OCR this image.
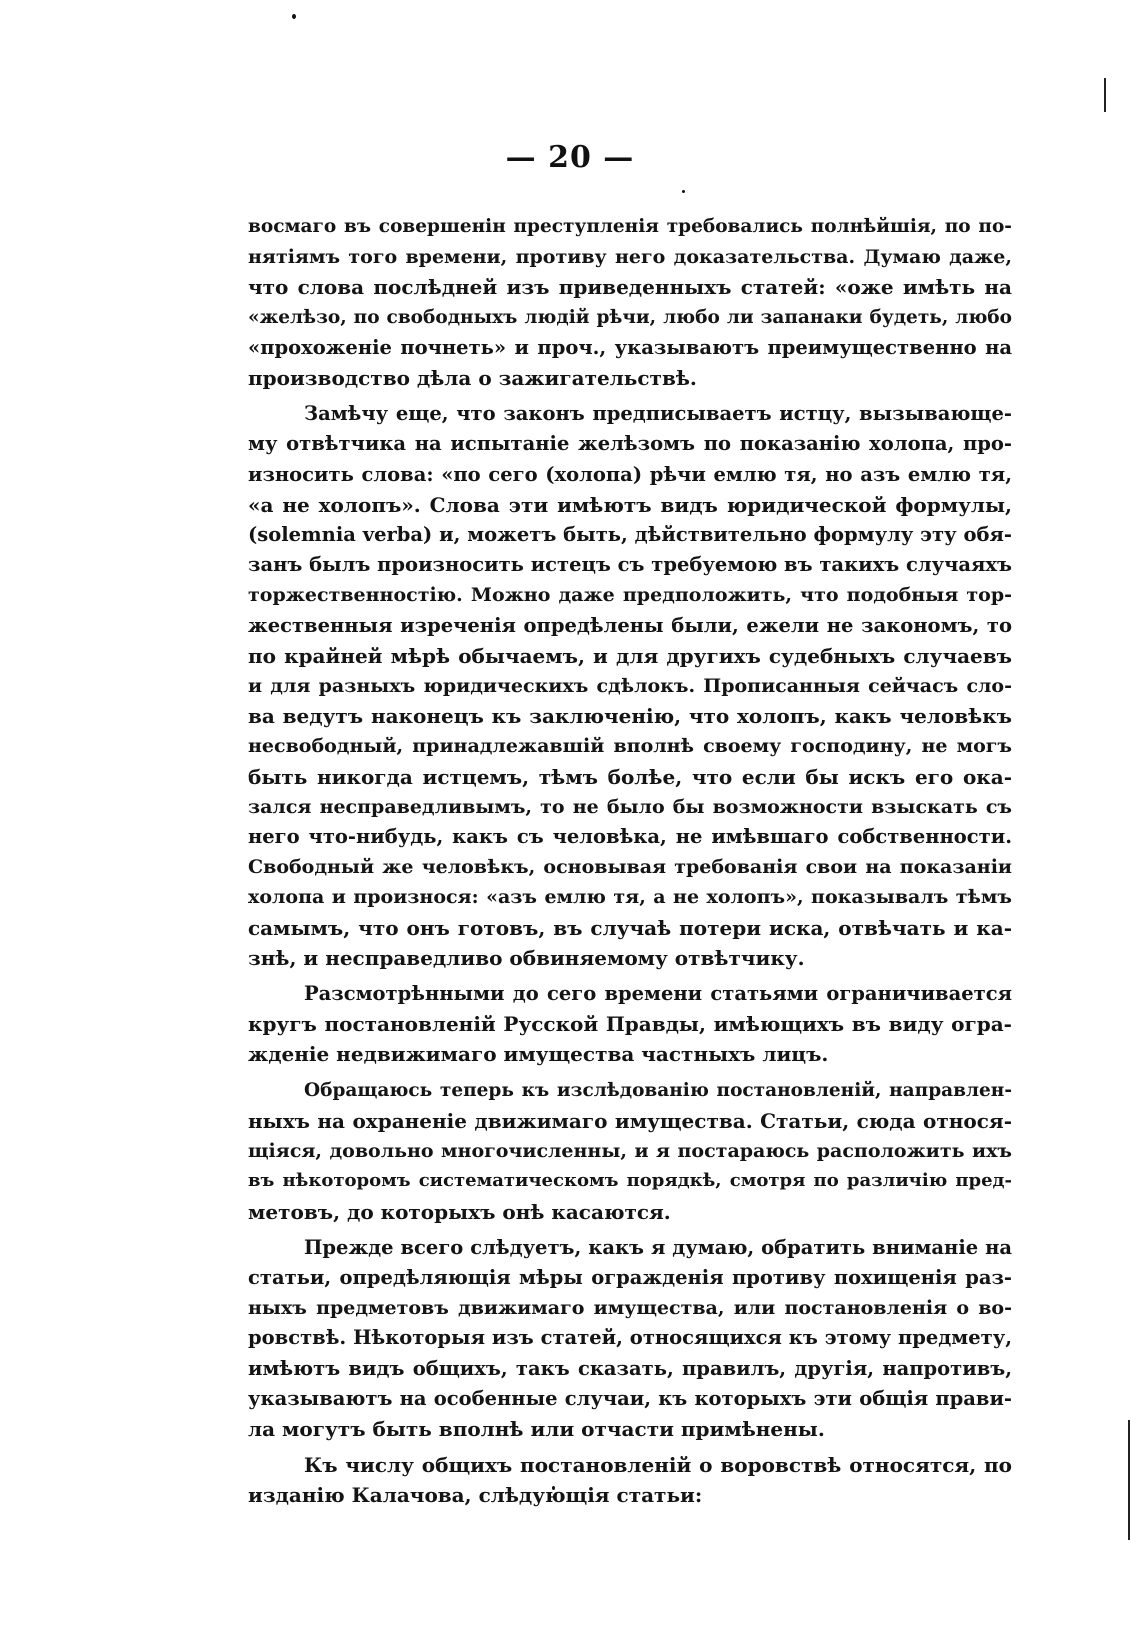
— 20 —
восмаго въ совершенін преступленія требовались полнѣйшія, по по-
нятіямъ того времени, противу него доказательства. Думаю даже,
что слова послѣдней изъ приведенныхъ статей: «оже имѣть на
«желѣзо, по свободныхъ людій рѣчи, любо ли запанаки будеть, любо
«прохоженіе почнеть» и проч., указываютъ преимущественно на
производство дѣла о зажигательствѣ.
Замѣчу еще, что законъ предписываетъ истцу, вызывающе-
му отвѣтчика на испытаніе желѣзомъ по показанію холопа, про-
износить слова: «по сего (холопа) рѣчи емлю тя, но азъ емлю тя,
«а не холопъ». Слова эти имѣютъ видъ юридической формулы,
(solemnia verba) и, можетъ быть, дѣйствительно формулу эту обя-
занъ былъ произносить истецъ съ требуемою въ такихъ случаяхъ
торжественностію. Можно даже предположить, что подобныя тор-
жественныя изреченія опредѣлены были, ежели не закономъ, то
по крайней мѣрѣ обычаемъ, и для другихъ судебныхъ случаевъ
и для разныхъ юридическихъ сдѣлокъ. Прописанныя сейчасъ сло-
ва ведутъ наконецъ къ заключенію, что холопъ, какъ человѣкъ
несвободный, принадлежавшій вполнѣ своему господину, не могъ
быть никогда истцемъ, тѣмъ болѣе, что если бы искъ его ока-
зался несправедливымъ, то не было бы возможности взыскать съ
него что-нибудь, какъ съ человѣка, не имѣвшаго собственности.
Свободный же человѣкъ, основывая требованія свои на показаніи
холопа и произнося: «азъ емлю тя, а не холопъ», показывалъ тѣмъ
самымъ, что онъ готовъ, въ случаѣ потери иска, отвѣчать и ка-
знѣ, и несправедливо обвиняемому отвѣтчику.
Разсмотрѣнными до сего времени статьями ограничивается
кругъ постановленій Русской Правды, имѣющихъ въ виду огра-
жденіе недвижимаго имущества частныхъ лицъ.
Обращаюсь теперь къ изслѣдованію постановленій, направлен-
ныхъ на охраненіе движимаго имущества. Статьи, сюда относя-
щіяся, довольно многочисленны, и я постараюсь расположить ихъ
въ нѣкоторомъ систематическомъ порядкѣ, смотря по различію пред-
метовъ, до которыхъ онѣ касаются.
Прежде всего слѣдуетъ, какъ я думаю, обратить вниманіе на
статьи, опредѣляющія мѣры огражденія противу похищенія раз-
ныхъ предметовъ движимаго имущества, или постановленія о во-
ровствѣ. Нѣкоторыя изъ статей, относящихся къ этому предмету,
имѣютъ видъ общихъ, такъ сказать, правилъ, другія, напротивъ,
указываютъ на особенные случаи, къ которыхъ эти общія прави-
ла могутъ быть вполнѣ или отчасти примѣнены.
Къ числу общихъ постановленій о воровствѣ относятся, по
изданію Калачова, слѣдующія статьи:
